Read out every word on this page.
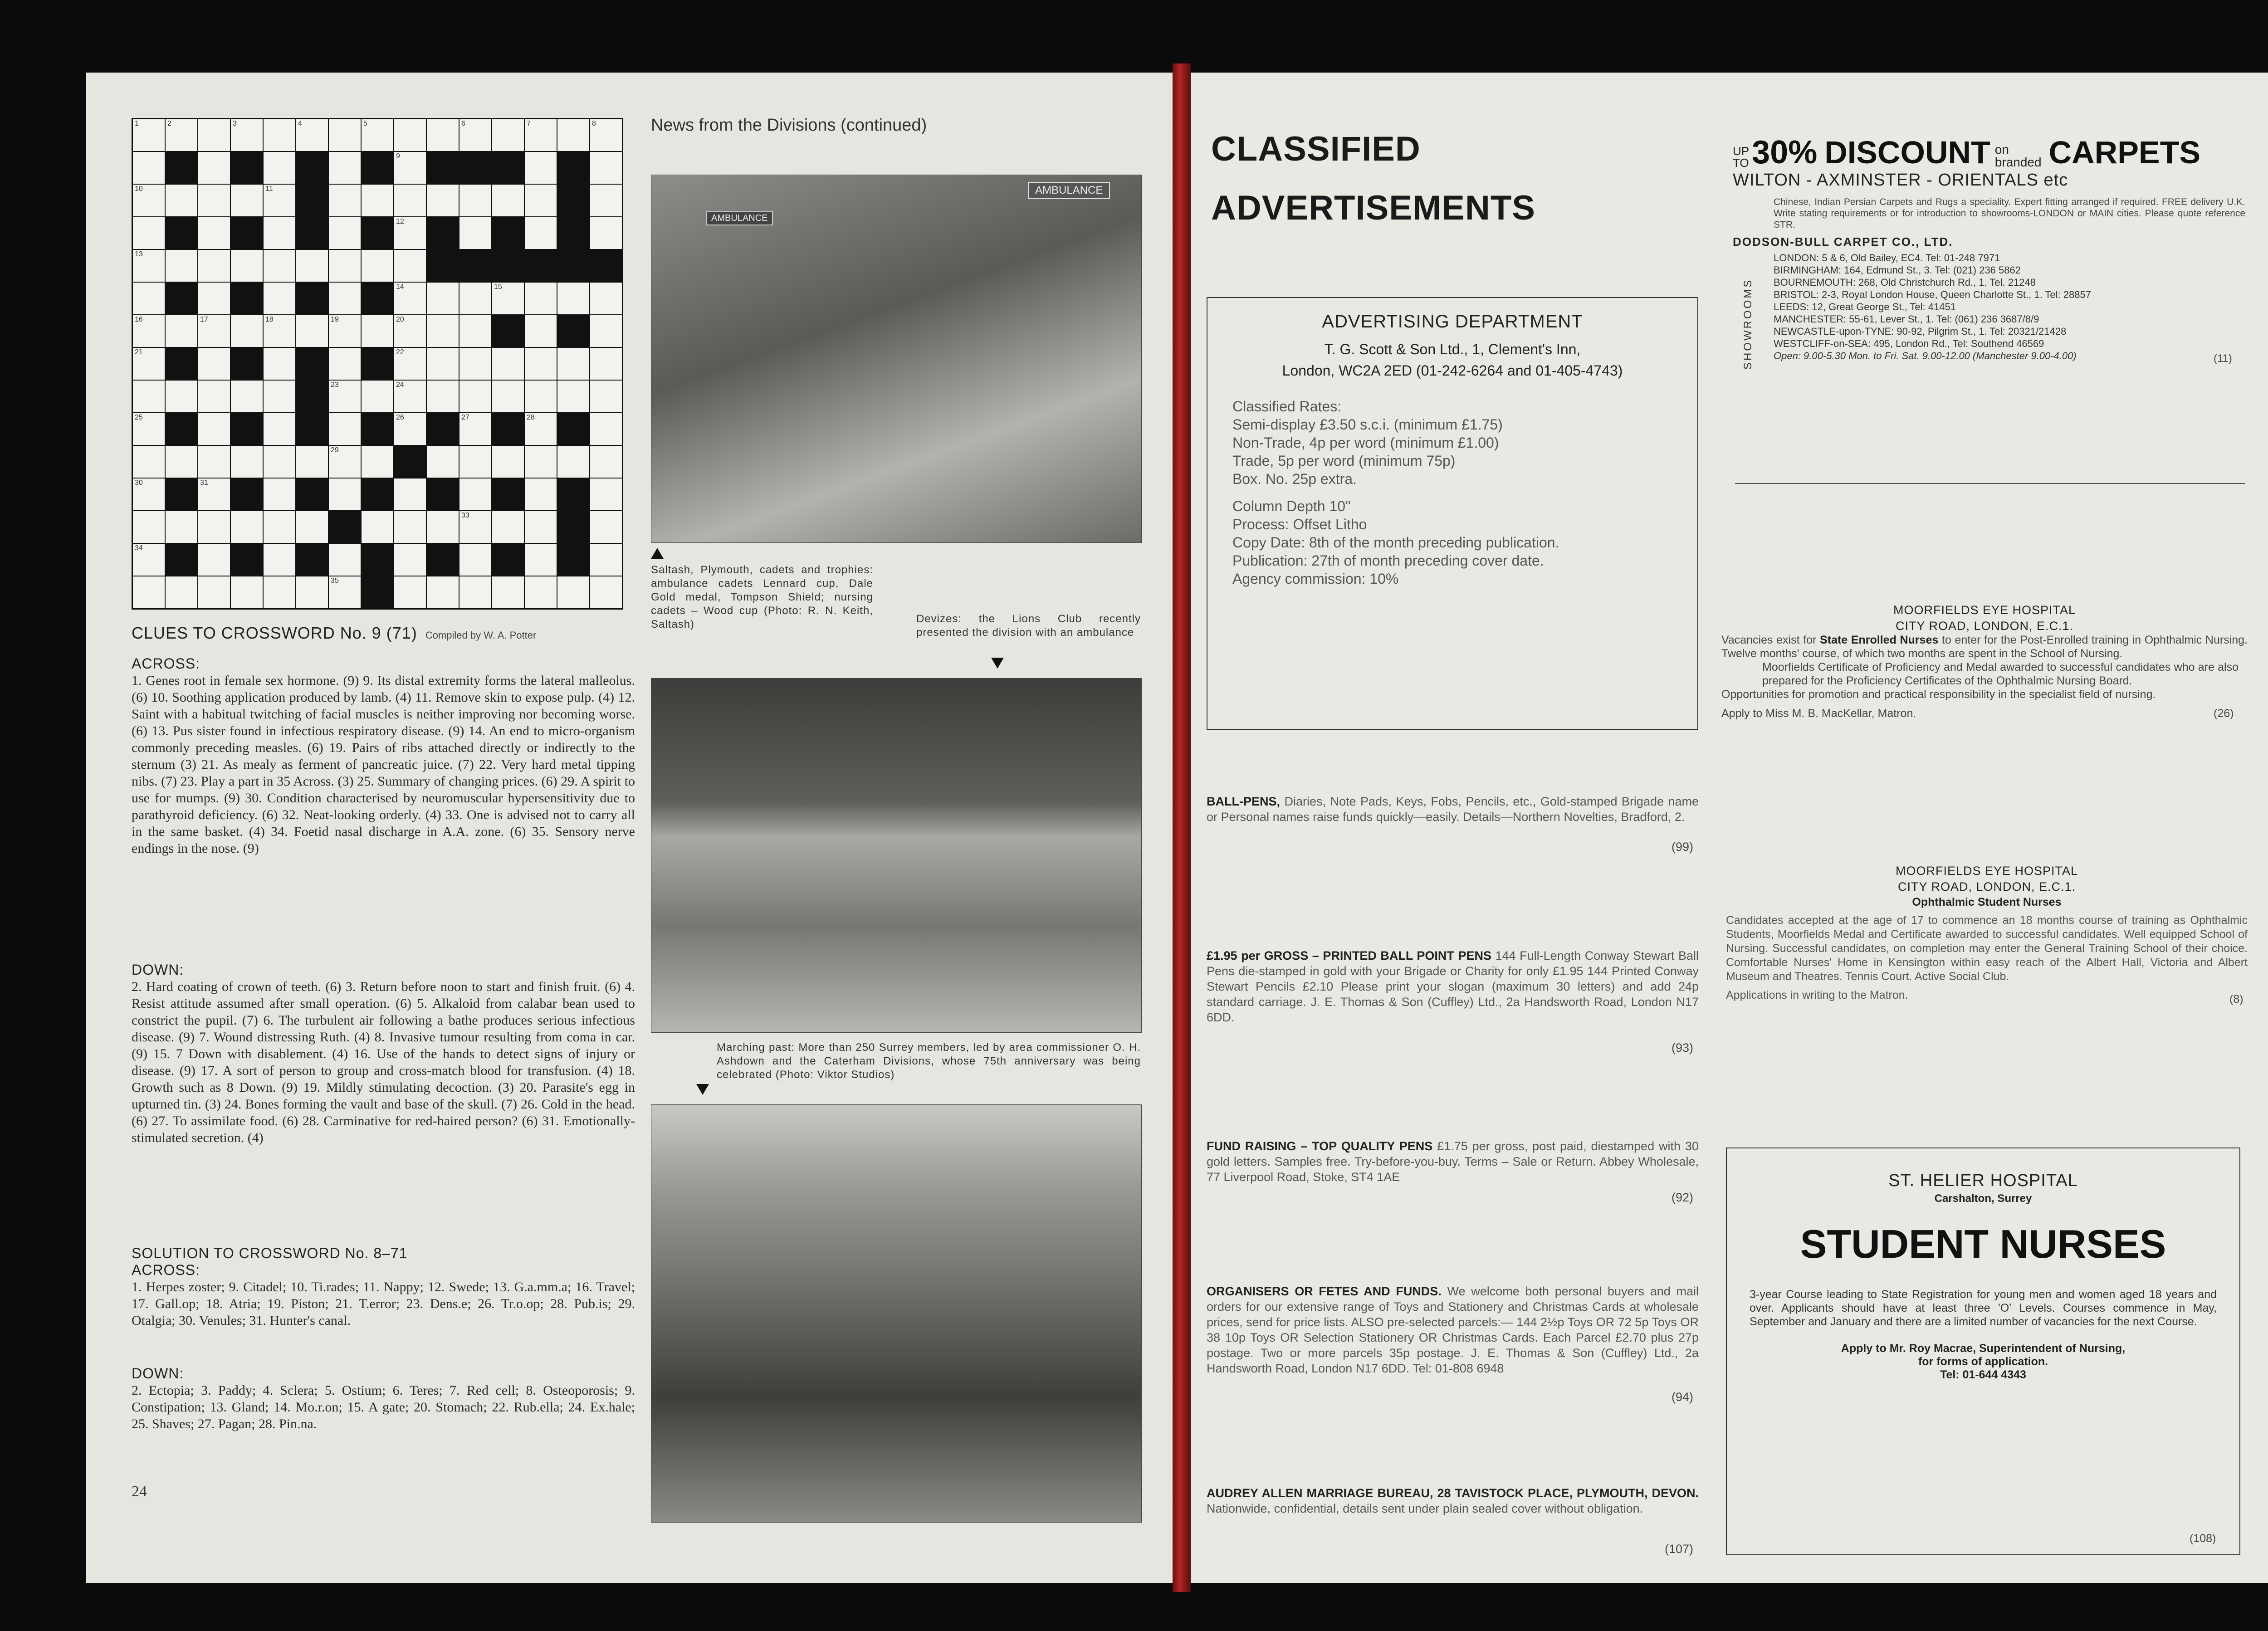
1	2	3	4	5	6	7	8
9
10	11
12
13
14	15
16	17	18	19	20
21	22
23	24
25	26	27	28
29
30	31
33
34
35
News from the Divisions (continued)
AMBULANCE
AMBULANCE
Saltash, Plymouth, cadets and trophies: ambulance cadets Lennard cup, Dale Gold medal, Tompson Shield; nursing cadets – Wood cup (Photo: R. N. Keith, Saltash)	Devizes: the Lions Club recently presented the division with an ambulance
Marching past: More than 250 Surrey members, led by area commissioner O. H. Ashdown and the Caterham Divisions, whose 75th anniversary was being celebrated (Photo: Viktor Studios)
CLUES TO CROSSWORD No. 9 (71) Compiled by W. A. Potter
ACROSS:
1. Genes root in female sex hormone. (9) 9. Its distal extremity forms the lateral malleolus. (6) 10. Soothing application produced by lamb. (4) 11. Remove skin to expose pulp. (4) 12. Saint with a habitual twitching of facial muscles is neither improving nor becoming worse.(6) 13. Pus sister found in infectious respiratory disease. (9) 14. An end to micro-organism commonly preceding measles. (6) 19. Pairs of ribs attached directly or indirectly to the sternum (3) 21. As mealy as ferment of pancreatic juice. (7) 22. Very hard metal tipping nibs. (7) 23. Play a part in 35 Across. (3) 25. Summary of changing prices. (6) 29. A spirit to use for mumps. (9) 30. Condition characterised by neuromuscular hypersensitivity due to parathyroid deficiency. (6) 32. Neat-looking orderly. (4) 33. One is advised not to carry all in the same basket. (4) 34. Foetid nasal discharge in A.A. zone. (6) 35. Sensory nerve endings in the nose. (9)
DOWN:
2. Hard coating of crown of teeth. (6) 3. Return before noon to start and finish fruit. (6) 4. Resist attitude assumed after small operation. (6) 5. Alkaloid from calabar bean used to constrict the pupil. (7) 6. The turbulent air following a bathe produces serious infectious disease. (9) 7. Wound distressing Ruth. (4) 8. Invasive tumour resulting from coma in car. (9) 15. 7 Down with disablement. (4) 16. Use of the hands to detect signs of injury or disease. (9) 17. A sort of person to group and cross-match blood for transfusion. (4) 18. Growth such as 8 Down. (9) 19. Mildly stimulating decoction. (3) 20. Parasite's egg in upturned tin. (3) 24. Bones forming the vault and base of the skull. (7) 26. Cold in the head. (6) 27. To assimilate food. (6) 28. Carminative for red-haired person? (6) 31. Emotionally-stimulated secretion. (4)
SOLUTION TO CROSSWORD No. 8–71
ACROSS:
1. Herpes zoster; 9. Citadel; 10. Ti.rades; 11. Nappy; 12. Swede; 13. G.a.mm.a; 16. Travel; 17. Gall.op; 18. Atria; 19. Piston; 21. T.error; 23. Dens.e; 26. Tr.o.op; 28. Pub.is; 29. Otalgia; 30. Venules; 31. Hunter's canal.
DOWN:
2. Ectopia; 3. Paddy; 4. Sclera; 5. Ostium; 6. Teres; 7. Red cell; 8. Osteoporosis; 9. Constipation; 13. Gland; 14. Mo.r.on; 15. A gate; 20. Stomach; 22. Rub.ella; 24. Ex.hale; 25. Shaves; 27. Pagan; 28. Pin.na.
24
CLASSIFIED
ADVERTISEMENTS
ADVERTISING DEPARTMENT
T. G. Scott & Son Ltd., 1, Clement's Inn,
London, WC2A 2ED (01-242-6264 and 01-405-4743)
Classified Rates:
Semi-display £3.50 s.c.i. (minimum £1.75)
Non-Trade, 4p per word (minimum £1.00)
Trade, 5p per word (minimum 75p)
Box. No. 25p extra.
Column Depth 10"
Process: Offset Litho
Copy Date: 8th of the month preceding publication.
Publication: 27th of month preceding cover date.
Agency commission: 10%
BALL-PENS, Diaries, Note Pads, Keys, Fobs, Pencils, etc., Gold-stamped Brigade name or Personal names raise funds quickly—easily. Details—Northern Novelties, Bradford, 2.
(99)
£1.95 per GROSS – PRINTED BALL POINT PENS 144 Full-Length Conway Stewart Ball Pens die-stamped in gold with your Brigade or Charity for only £1.95 144 Printed Conway Stewart Pencils £2.10 Please print your slogan (maximum 30 letters) and add 24p standard carriage. J. E. Thomas & Son (Cuffley) Ltd., 2a Handsworth Road, London N17 6DD.
(93)
FUND RAISING – TOP QUALITY PENS £1.75 per gross, post paid, diestamped with 30 gold letters. Samples free. Try-before-you-buy. Terms – Sale or Return. Abbey Wholesale, 77 Liverpool Road, Stoke, ST4 1AE
(92)
ORGANISERS OR FETES AND FUNDS. We welcome both personal buyers and mail orders for our extensive range of Toys and Stationery and Christmas Cards at wholesale prices, send for price lists. ALSO pre-selected parcels:— 144 2½p Toys OR 72 5p Toys OR 38 10p Toys OR Selection Stationery OR Christmas Cards. Each Parcel £2.70 plus 27p postage. Two or more parcels 35p postage. J. E. Thomas & Son (Cuffley) Ltd., 2a Handsworth Road, London N17 6DD. Tel: 01-808 6948
(94)
AUDREY ALLEN MARRIAGE BUREAU, 28 TAVISTOCK PLACE, PLYMOUTH, DEVON. Nationwide, confidential, details sent under plain sealed cover without obligation.
(107)
UP
TO 30% DISCOUNT on
branded CARPETS
WILTON - AXMINSTER - ORIENTALS etc
Chinese, Indian Persian Carpets and Rugs a speciality. Expert fitting arranged if required. FREE delivery U.K. Write stating requirements or for introduction to showrooms-LONDON or MAIN cities. Please quote reference STR.
DODSON-BULL CARPET CO., LTD.
SHOWROOMS
LONDON: 5 & 6, Old Bailey, EC4. Tel: 01-248 7971
BIRMINGHAM: 164, Edmund St., 3. Tel: (021) 236 5862
BOURNEMOUTH: 268, Old Christchurch Rd., 1. Tel. 21248
BRISTOL: 2-3, Royal London House, Queen Charlotte St., 1. Tel: 28857
LEEDS: 12, Great George St., Tel: 41451
MANCHESTER: 55-61, Lever St., 1. Tel: (061) 236 3687/8/9
NEWCASTLE-upon-TYNE: 90-92, Pilgrim St., 1. Tel: 20321/21428
WESTCLIFF-on-SEA: 495, London Rd., Tel: Southend 46569
Open: 9.00-5.30 Mon. to Fri. Sat. 9.00-12.00 (Manchester 9.00-4.00)	(11)
MOORFIELDS EYE HOSPITAL
CITY ROAD, LONDON, E.C.1.
Vacancies exist for State Enrolled Nurses to enter for the Post-Enrolled training in Ophthalmic Nursing. Twelve months' course, of which two months are spent in the School of Nursing.
Moorfields Certificate of Proficiency and Medal awarded to successful candidates who are also prepared for the Proficiency Certificates of the Ophthalmic Nursing Board.
Opportunities for promotion and practical responsibility in the specialist field of nursing.
Apply to Miss M. B. MacKellar, Matron.	(26)
MOORFIELDS EYE HOSPITAL
CITY ROAD, LONDON, E.C.1.
Ophthalmic Student Nurses
Candidates accepted at the age of 17 to commence an 18 months course of training as Ophthalmic Students, Moorfields Medal and Certificate awarded to successful candidates. Well equipped School of Nursing. Successful candidates, on completion may enter the General Training School of their choice. Comfortable Nurses' Home in Kensington within easy reach of the Albert Hall, Victoria and Albert Museum and Theatres. Tennis Court. Active Social Club.
Applications in writing to the Matron.	(8)
ST. HELIER HOSPITAL
Carshalton, Surrey
STUDENT NURSES
3-year Course leading to State Registration for young men and women aged 18 years and over. Applicants should have at least three 'O' Levels. Courses commence in May, September and January and there are a limited number of vacancies for the next Course.
Apply to Mr. Roy Macrae, Superintendent of Nursing,
for forms of application.
Tel: 01-644 4343
(108)
